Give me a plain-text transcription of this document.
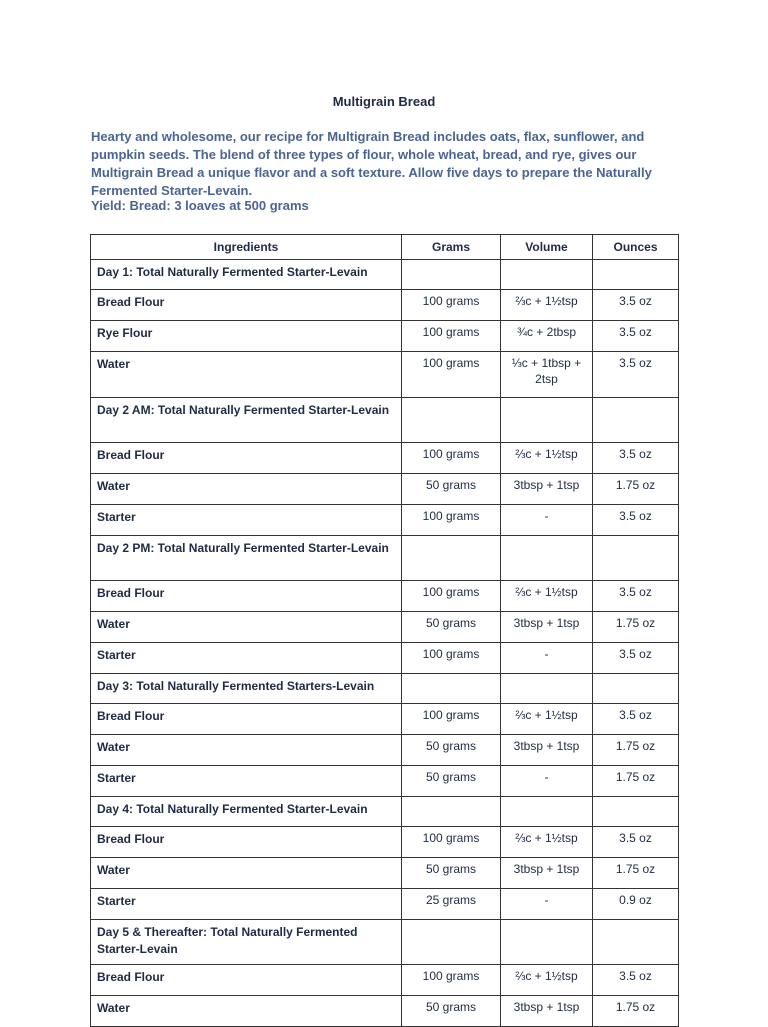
Multigrain Bread
Hearty and wholesome, our recipe for Multigrain Bread includes oats, flax, sunflower, and pumpkin seeds. The blend of three types of flour, whole wheat, bread, and rye, gives our Multigrain Bread a unique flavor and a soft texture. Allow five days to prepare the Naturally Fermented Starter-Levain.
Yield: Bread: 3 loaves at 500 grams
Ingredients	Grams	Volume	Ounces
Day 1: Total Naturally Fermented Starter-Levain			
Bread Flour	100 grams	⅔c + 1½tsp	3.5 oz
Rye Flour	100 grams	¾c + 2tbsp	3.5 oz
Water	100 grams	⅓c + 1tbsp + 2tsp	3.5 oz
Day 2 AM: Total Naturally Fermented Starter-Levain			
Bread Flour	100 grams	⅔c + 1½tsp	3.5 oz
Water	50 grams	3tbsp + 1tsp	1.75 oz
Starter	100 grams	-	3.5 oz
Day 2 PM: Total Naturally Fermented Starter-Levain			
Bread Flour	100 grams	⅔c + 1½tsp	3.5 oz
Water	50 grams	3tbsp + 1tsp	1.75 oz
Starter	100 grams	-	3.5 oz
Day 3: Total Naturally Fermented Starters-Levain			
Bread Flour	100 grams	⅔c + 1½tsp	3.5 oz
Water	50 grams	3tbsp + 1tsp	1.75 oz
Starter	50 grams	-	1.75 oz
Day 4: Total Naturally Fermented Starter-Levain			
Bread Flour	100 grams	⅔c + 1½tsp	3.5 oz
Water	50 grams	3tbsp + 1tsp	1.75 oz
Starter	25 grams	-	0.9 oz
Day 5 & Thereafter: Total Naturally Fermented Starter-Levain			
Bread Flour	100 grams	⅔c + 1½tsp	3.5 oz
Water	50 grams	3tbsp + 1tsp	1.75 oz
